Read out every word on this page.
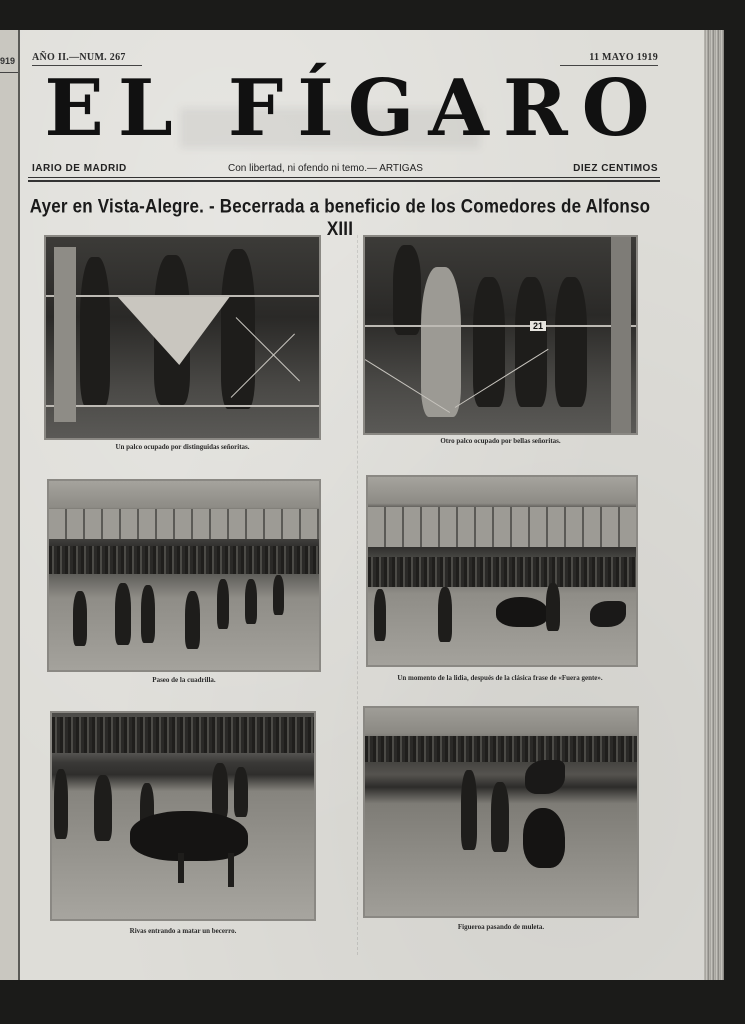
919 AÑO II.—NUM. 267	11 MAYO 1919
EL FÍGARO
IARIO DE MADRID	Con libertad, ni ofendo ni temo.— ARTIGAS	DIEZ CENTIMOS
Ayer en Vista-Alegre. - Becerrada a beneficio de los Comedores de Alfonso XIII
Un palco ocupado por distinguidas señoritas.
21
Otro palco ocupado por bellas señoritas.
Paseo de la cuadrilla.	Un momento de la lidia, después de la clásica frase de «Fuera gente».
Rivas entrando a matar un becerro.	Figueroa pasando de muleta.
